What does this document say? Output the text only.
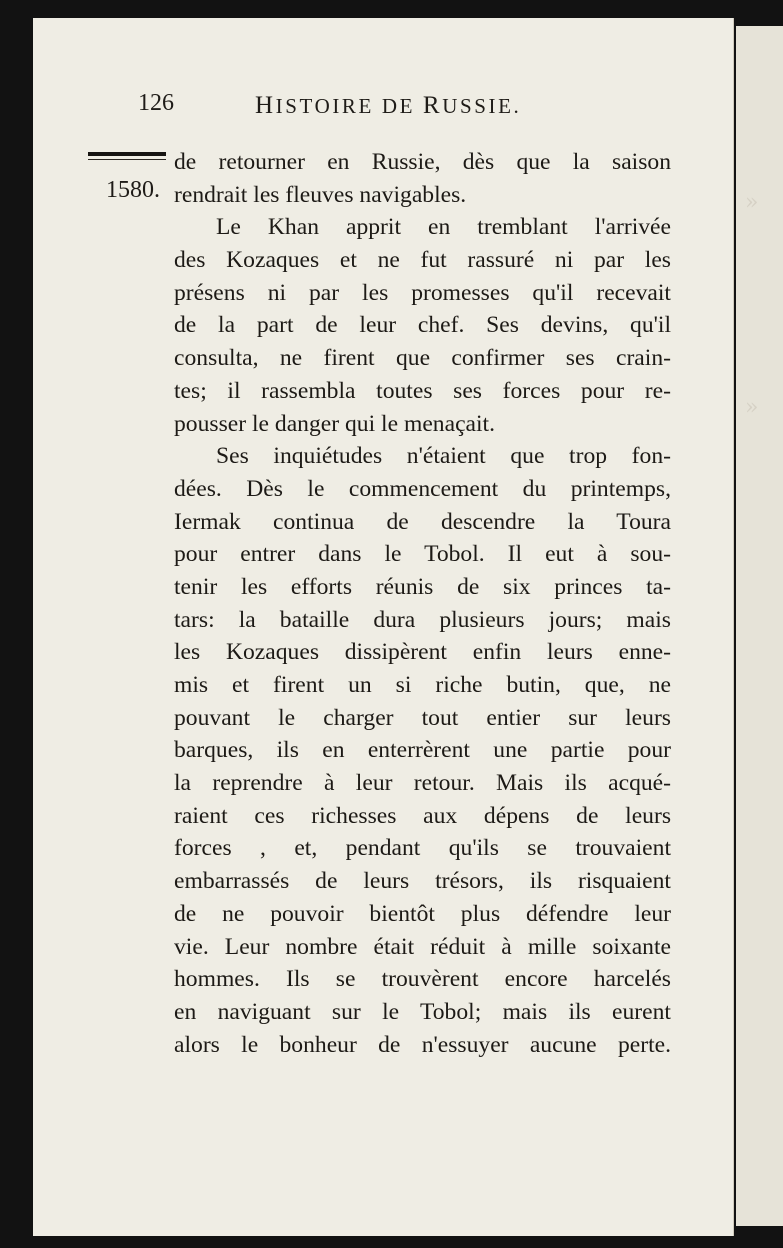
»
»
126	HISTOIRE DE RUSSIE.
1580.
de retourner en Russie, dès que la saison
rendrait les fleuves navigables.
Le Khan apprit en tremblant l'arrivée
des Kozaques et ne fut rassuré ni par les
présens ni par les promesses qu'il recevait
de la part de leur chef. Ses devins, qu'il
consulta, ne firent que confirmer ses crain-
tes; il rassembla toutes ses forces pour re-
pousser le danger qui le menaçait.
Ses inquiétudes n'étaient que trop fon-
dées. Dès le commencement du printemps,
Iermak continua de descendre la Toura
pour entrer dans le Tobol. Il eut à sou-
tenir les efforts réunis de six princes ta-
tars: la bataille dura plusieurs jours; mais
les Kozaques dissipèrent enfin leurs enne-
mis et firent un si riche butin, que, ne
pouvant le charger tout entier sur leurs
barques, ils en enterrèrent une partie pour
la reprendre à leur retour. Mais ils acqué-
raient ces richesses aux dépens de leurs
forces , et, pendant qu'ils se trouvaient
embarrassés de leurs trésors, ils risquaient
de ne pouvoir bientôt plus défendre leur
vie. Leur nombre était réduit à mille soixante
hommes. Ils se trouvèrent encore harcelés
en naviguant sur le Tobol; mais ils eurent
alors le bonheur de n'essuyer aucune perte.
